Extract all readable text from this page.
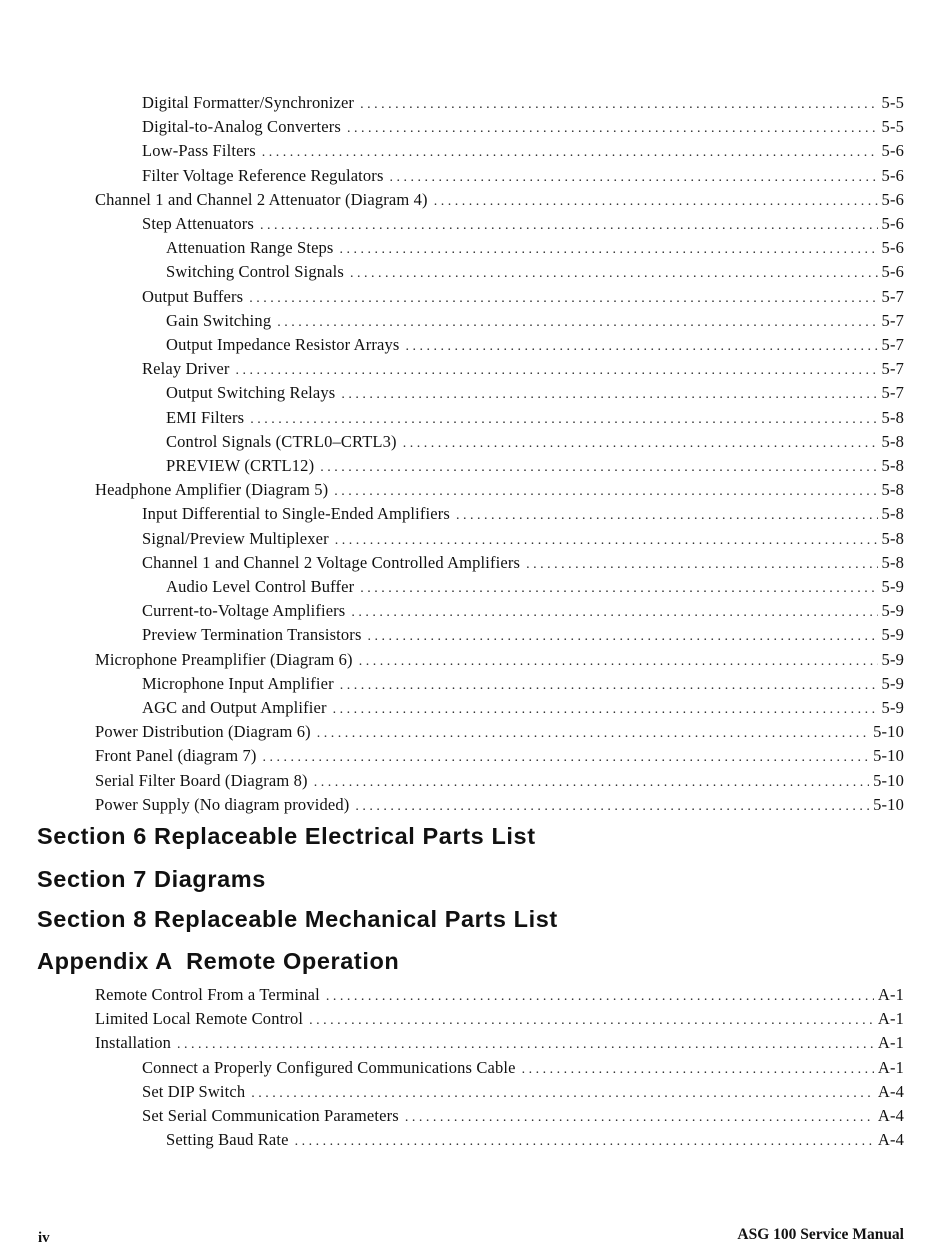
Digital Formatter/Synchronizer . . .	5-5
Digital-to-Analog Converters . . .	5-5
Low-Pass Filters . . .	5-6
Filter Voltage Reference Regulators . . .	5-6
Channel 1 and Channel 2 Attenuator (Diagram 4) . . .	5-6
Step Attenuators . . .	5-6
Attenuation Range Steps . . .	5-6
Switching Control Signals . . .	5-6
Output Buffers . . .	5-7
Gain Switching . . .	5-7
Output Impedance Resistor Arrays . . .	5-7
Relay Driver . . .	5-7
Output Switching Relays . . .	5-7
EMI Filters . . .	5-8
Control Signals (CTRL0–CRTL3) . . .	5-8
PREVIEW (CRTL12) . . .	5-8
Headphone Amplifier (Diagram 5) . . .	5-8
Input Differential to Single-Ended Amplifiers . . .	5-8
Signal/Preview Multiplexer . . .	5-8
Channel 1 and Channel 2 Voltage Controlled Amplifiers . . .	5-8
Audio Level Control Buffer . . .	5-9
Current-to-Voltage Amplifiers . . .	5-9
Preview Termination Transistors . . .	5-9
Microphone Preamplifier (Diagram 6) . . .	5-9
Microphone Input Amplifier . . .	5-9
AGC and Output Amplifier . . .	5-9
Power Distribution (Diagram 6) . . .	5-10
Front Panel (diagram 7) . . .	5-10
Serial Filter Board (Diagram 8) . . .	5-10
Power Supply (No diagram provided) . . .	5-10
Section 6 Replaceable Electrical Parts List
Section 7 Diagrams
Section 8 Replaceable Mechanical Parts List
Appendix A  Remote Operation
Remote Control From a Terminal . . .	A-1
Limited Local Remote Control . . .	A-1
Installation . . .	A-1
Connect a Properly Configured Communications Cable . . .	A-1
Set DIP Switch . . .	A-4
Set Serial Communication Parameters . . .	A-4
Setting Baud Rate . . .	A-4
iv	ASG 100 Service Manual
